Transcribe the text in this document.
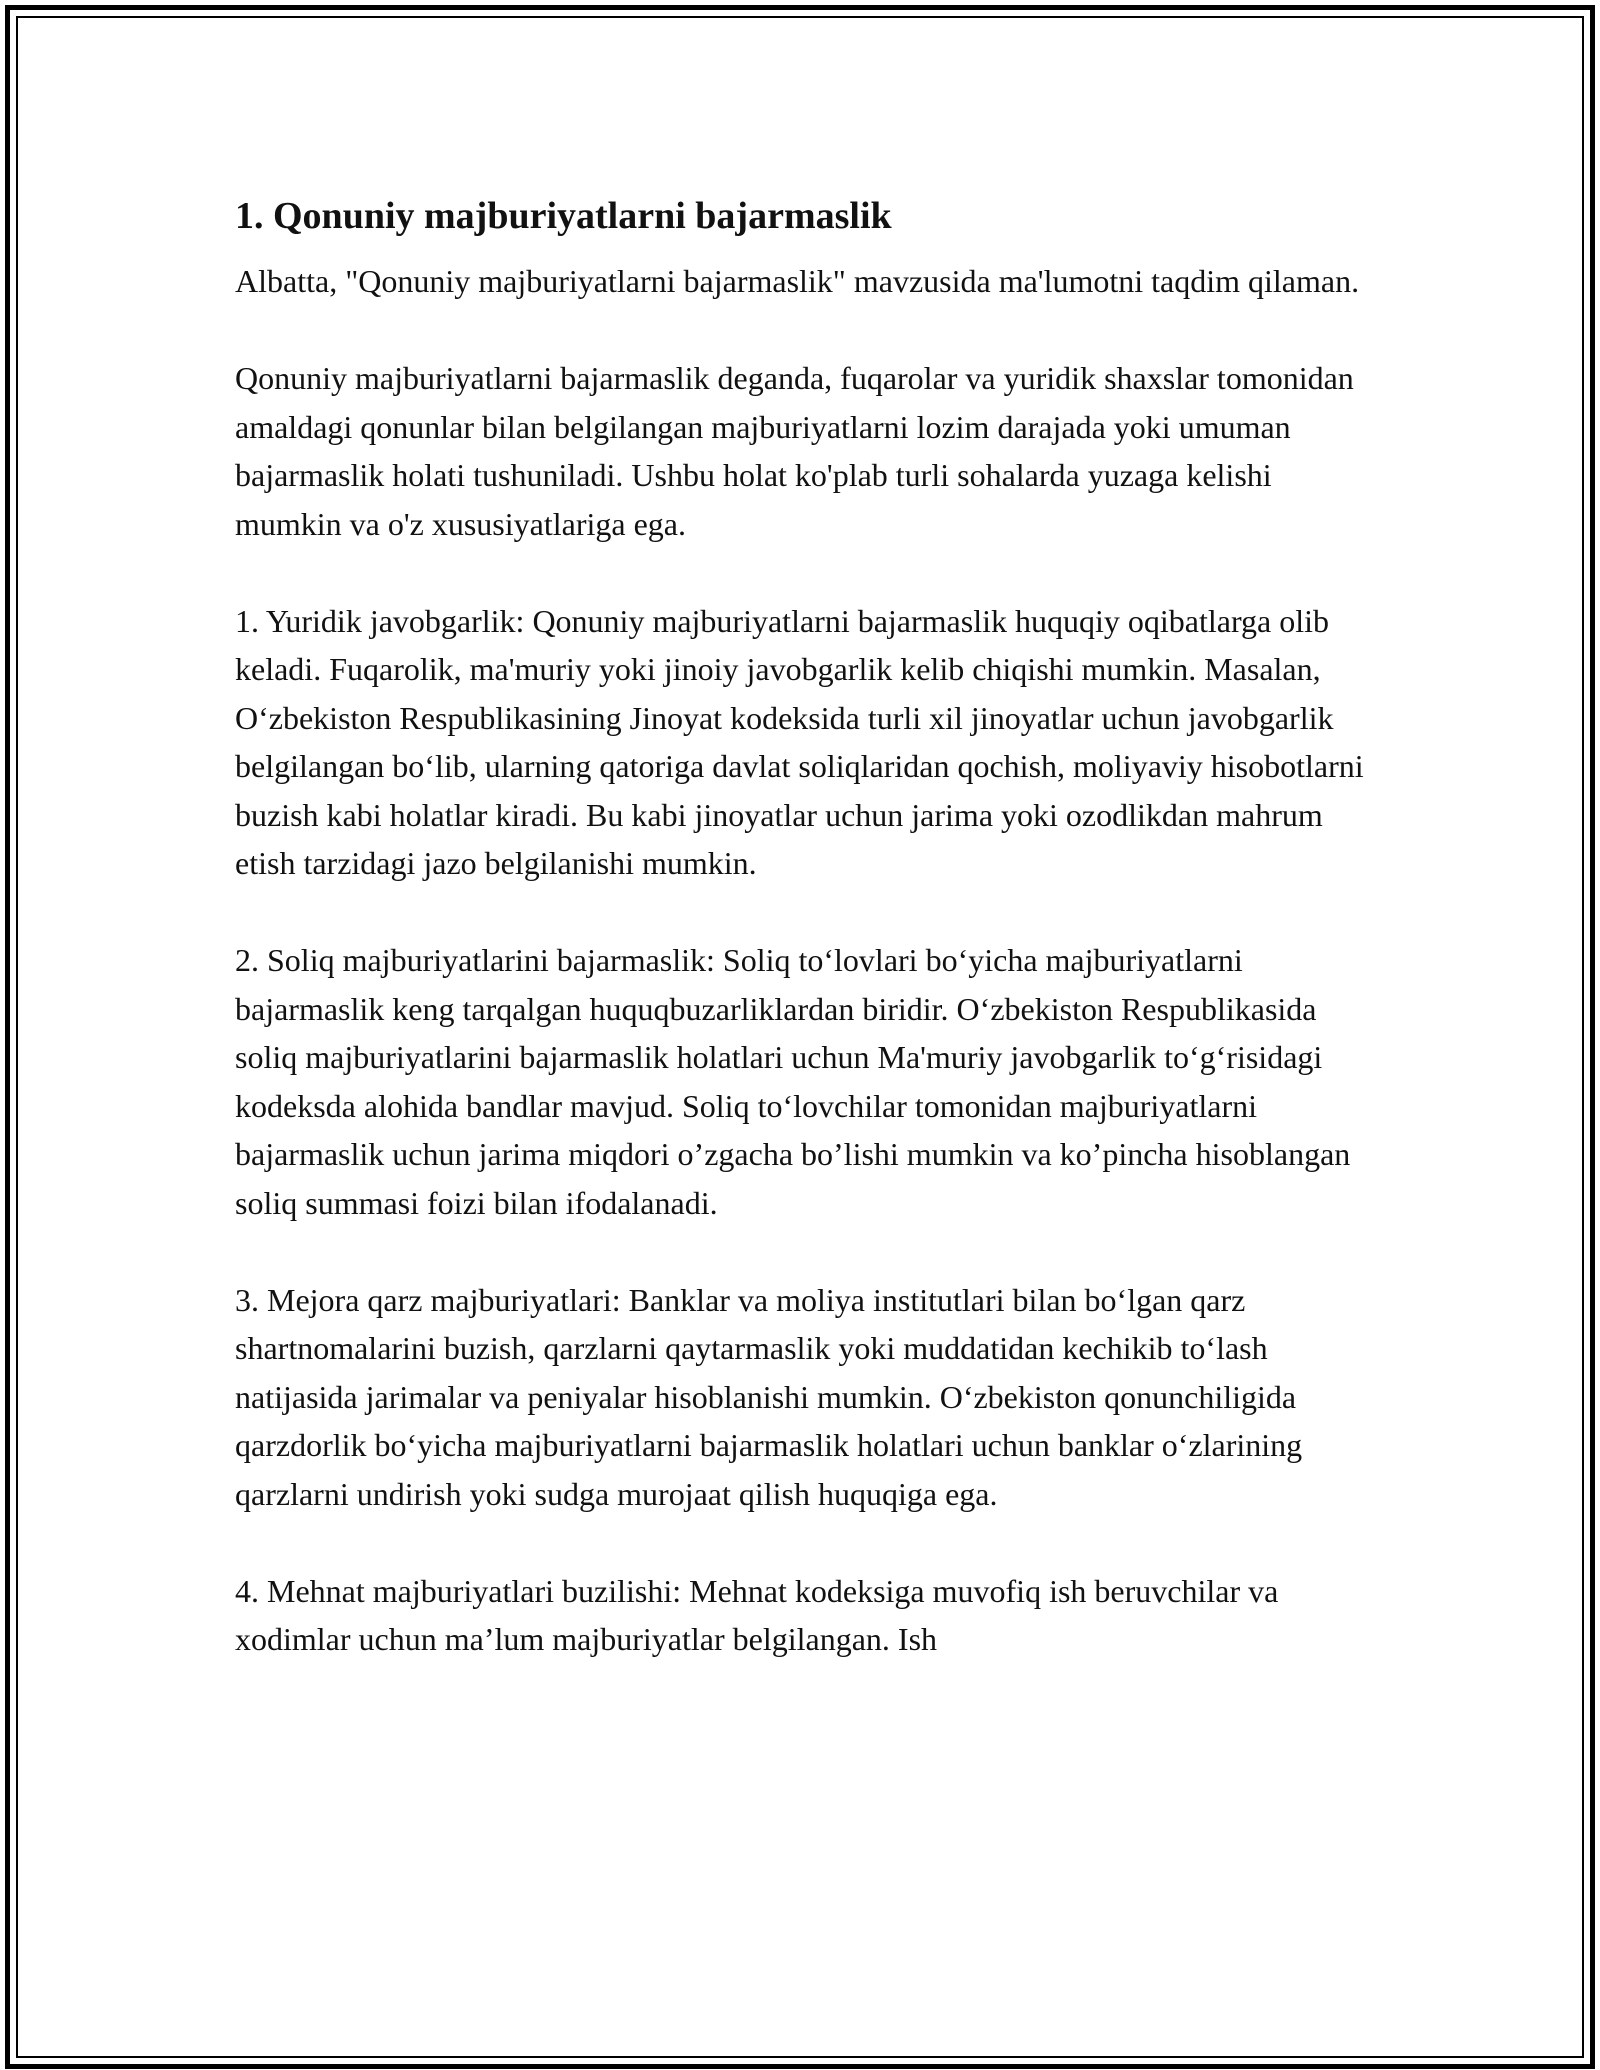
1. Qonuniy majburiyatlarni bajarmaslik

Albatta, "Qonuniy majburiyatlarni bajarmaslik" mavzusida ma'lumotni taqdim qilaman.

Qonuniy majburiyatlarni bajarmaslik deganda, fuqarolar va yuridik shaxslar tomonidan amaldagi qonunlar bilan belgilangan majburiyatlarni lozim darajada yoki umuman bajarmaslik holati tushuniladi. Ushbu holat ko'plab turli sohalarda yuzaga kelishi mumkin va o'z xususiyatlariga ega.

1. Yuridik javobgarlik: Qonuniy majburiyatlarni bajarmaslik huquqiy oqibatlarga olib keladi. Fuqarolik, ma'muriy yoki jinoiy javobgarlik kelib chiqishi mumkin. Masalan, O‘zbekiston Respublikasining Jinoyat kodeksida turli xil jinoyatlar uchun javobgarlik belgilangan bo‘lib, ularning qatoriga davlat soliqlaridan qochish, moliyaviy hisobotlarni buzish kabi holatlar kiradi. Bu kabi jinoyatlar uchun jarima yoki ozodlikdan mahrum etish tarzidagi jazo belgilanishi mumkin.

2. Soliq majburiyatlarini bajarmaslik: Soliq to‘lovlari bo‘yicha majburiyatlarni bajarmaslik keng tarqalgan huquqbuzarliklardan biridir. O‘zbekiston Respublikasida soliq majburiyatlarini bajarmaslik holatlari uchun Ma'muriy javobgarlik to‘g‘risidagi kodeksda alohida bandlar mavjud. Soliq to‘lovchilar tomonidan majburiyatlarni bajarmaslik uchun jarima miqdori o’zgacha bo’lishi mumkin va ko’pincha hisoblangan soliq summasi foizi bilan ifodalanadi.

3. Mejora qarz majburiyatlari: Banklar va moliya institutlari bilan bo‘lgan qarz shartnomalarini buzish, qarzlarni qaytarmaslik yoki muddatidan kechikib to‘lash natijasida jarimalar va peniyalar hisoblanishi mumkin. O‘zbekiston qonunchiligida qarzdorlik bo‘yicha majburiyatlarni bajarmaslik holatlari uchun banklar o‘zlarining qarzlarni undirish yoki sudga murojaat qilish huquqiga ega.

4. Mehnat majburiyatlari buzilishi: Mehnat kodeksiga muvofiq ish beruvchilar va xodimlar uchun ma’lum majburiyatlar belgilangan. Ish
